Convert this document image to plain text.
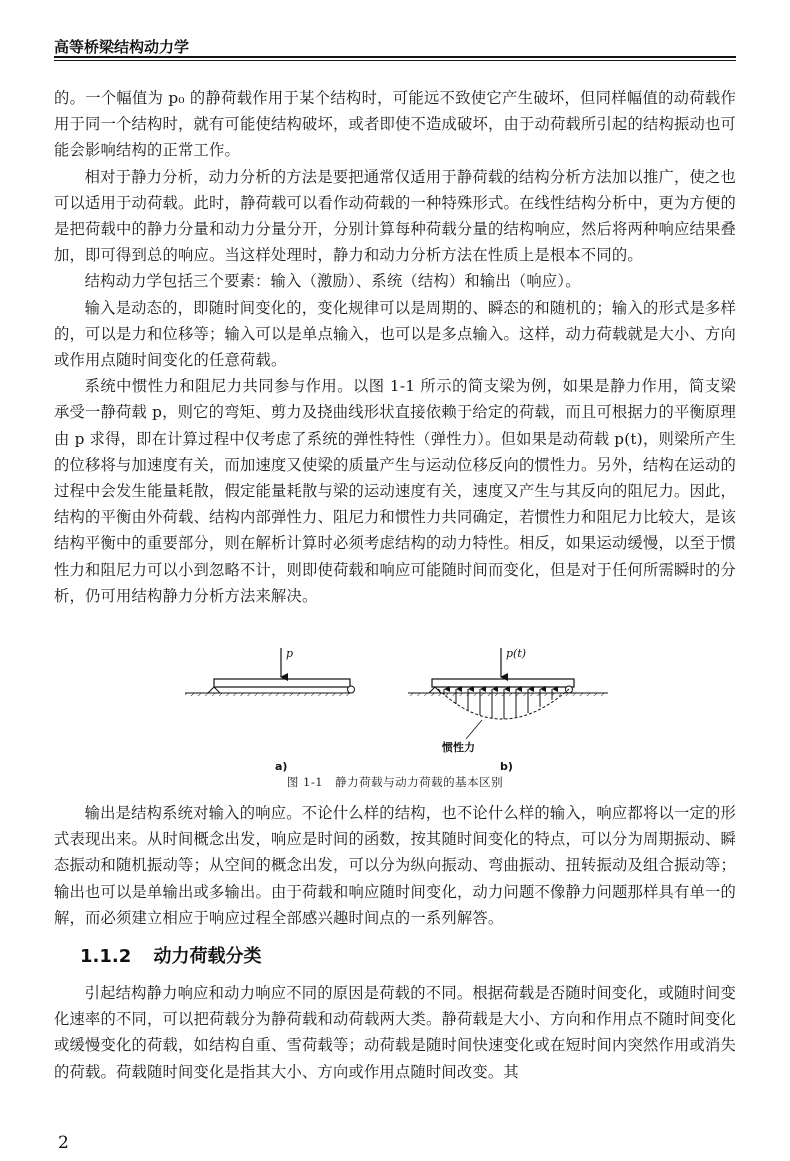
高等桥梁结构动力学

的。一个幅值为 p₀ 的静荷载作用于某个结构时，可能远不致使它产生破坏，但同样幅值的动荷载作用于同一个结构时，就有可能使结构破坏，或者即使不造成破坏，由于动荷载所引起的结构振动也可能会影响结构的正常工作。

相对于静力分析，动力分析的方法是要把通常仅适用于静荷载的结构分析方法加以推广，使之也可以适用于动荷载。此时，静荷载可以看作动荷载的一种特殊形式。在线性结构分析中，更为方便的是把荷载中的静力分量和动力分量分开，分别计算每种荷载分量的结构响应，然后将两种响应结果叠加，即可得到总的响应。当这样处理时，静力和动力分析方法在性质上是根本不同的。

结构动力学包括三个要素：输入（激励）、系统（结构）和输出（响应）。

输入是动态的，即随时间变化的，变化规律可以是周期的、瞬态的和随机的；输入的形式是多样的，可以是力和位移等；输入可以是单点输入，也可以是多点输入。这样，动力荷载就是大小、方向或作用点随时间变化的任意荷载。

系统中惯性力和阻尼力共同参与作用。以图 1-1 所示的简支梁为例，如果是静力作用，简支梁承受一静荷载 p，则它的弯矩、剪力及挠曲线形状直接依赖于给定的荷载，而且可根据力的平衡原理由 p 求得，即在计算过程中仅考虑了系统的弹性特性（弹性力）。但如果是动荷载 p(t)，则梁所产生的位移将与加速度有关，而加速度又使梁的质量产生与运动位移反向的惯性力。另外，结构在运动的过程中会发生能量耗散，假定能量耗散与梁的运动速度有关，速度又产生与其反向的阻尼力。因此，结构的平衡由外荷载、结构内部弹性力、阻尼力和惯性力共同确定，若惯性力和阻尼力比较大，是该结构平衡中的重要部分，则在解析计算时必须考虑结构的动力特性。相反，如果运动缓慢，以至于惯性力和阻尼力可以小到忽略不计，则即使荷载和响应可能随时间而变化，但是对于任何所需瞬时的分析，仍可用结构静力分析方法来解决。

p	p(t)
惯性力
a)	b)
图 1-1　静力荷载与动力荷载的基本区别

输出是结构系统对输入的响应。不论什么样的结构，也不论什么样的输入，响应都将以一定的形式表现出来。从时间概念出发，响应是时间的函数，按其随时间变化的特点，可以分为周期振动、瞬态振动和随机振动等；从空间的概念出发，可以分为纵向振动、弯曲振动、扭转振动及组合振动等；输出也可以是单输出或多输出。由于荷载和响应随时间变化，动力问题不像静力问题那样具有单一的解，而必须建立相应于响应过程全部感兴趣时间点的一系列解答。

1.1.2 动力荷载分类

引起结构静力响应和动力响应不同的原因是荷载的不同。根据荷载是否随时间变化，或随时间变化速率的不同，可以把荷载分为静荷载和动荷载两大类。静荷载是大小、方向和作用点不随时间变化或缓慢变化的荷载，如结构自重、雪荷载等；动荷载是随时间快速变化或在短时间内突然作用或消失的荷载。荷载随时间变化是指其大小、方向或作用点随时间改变。其

2
